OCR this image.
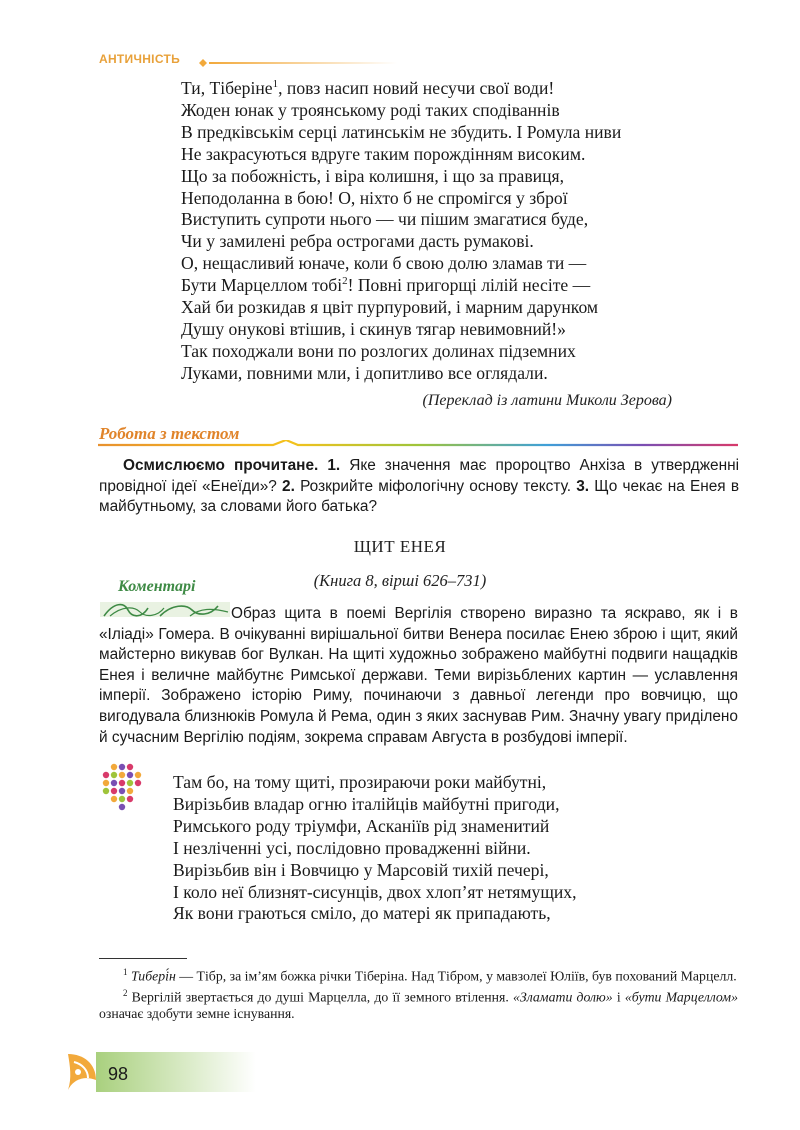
АНТИЧНІСТЬ
Ти, Тіберіне$^1$, повз насип новий несучи свої води!
Жоден юнак у троянському роді таких сподіваннів
В предківськім серці латинськім не збудить. І Ромула ниви
Не закрасуються вдруге таким порождінням високим.
Що за побожність, і віра колишня, і що за правиця,
Неподоланна в бою! О, ніхто б не спромігся у зброї
Виступить супроти нього — чи пішим змагатися буде,
Чи у замилені ребра острогами дасть румакові.
О, нещасливий юначе, коли б свою долю зламав ти —
Бути Марцеллом тобі$^2$! Повні пригорщі лілій несіте —
Хай би розкидав я цвіт пурпуровий, і марним дарунком
Душу онукові втішив, і скинув тягар невимовний!»
Так походжали вони по розлогих долинах підземних
Луками, повними мли, і допитливо все оглядали.
(Переклад із латини Миколи Зерова)
Робота з текстом
Осмислюємо прочитане. 1. Яке значення має пророцтво Анхіза в утвердженні провідної ідеї «Енеїди»? 2. Розкрийте міфологічну основу тексту. 3. Що чекає на Енея в майбутньому, за словами його батька?
ЩИТ ЕНЕЯ
(Книга 8, вірші 626–731)
Коментарі
Образ щита в поемі Вергілія створено виразно та яскраво, як і в «Іліаді» Гомера. В очікуванні вирішальної битви Венера посилає Енею зброю і щит, який майстерно викував бог Вулкан. На щиті художньо зображено майбутні подвиги нащадків Енея і величне майбутнє Римської держави. Теми вирізьблених картин — уславлення імперії. Зображено історію Риму, починаючи з давньої легенди про вовчицю, що вигодувала близнюків Ромула й Рема, один з яких заснував Рим. Значну увагу приділено й сучасним Вергілію подіям, зокрема справам Августа в розбудові імперії.
Там бо, на тому щиті, прозираючи роки майбутні,
Вирізьбив владар огню італійців майбутні пригоди,
Римського роду тріумфи, Асканіїв рід знаменитий
І незліченні усі, послідовно провадженні війни.
Вирізьбив він і Вовчицю у Марсовій тихій печері,
І коло неї близнят-сисунців, двох хлоп’ят нетямущих,
Як вони граються сміло, до матері як припадають,

$^1$ Тибері́н — Тібр, за ім’ям божка річки Тіберіна. Над Тібром, у мавзолеї Юліїв, був похований Марцелл.

$^2$ Вергілій звертається до душі Марцелла, до її земного втілення. «Зламати долю» і «бути Марцеллом» означає здобути земне існування.

98
